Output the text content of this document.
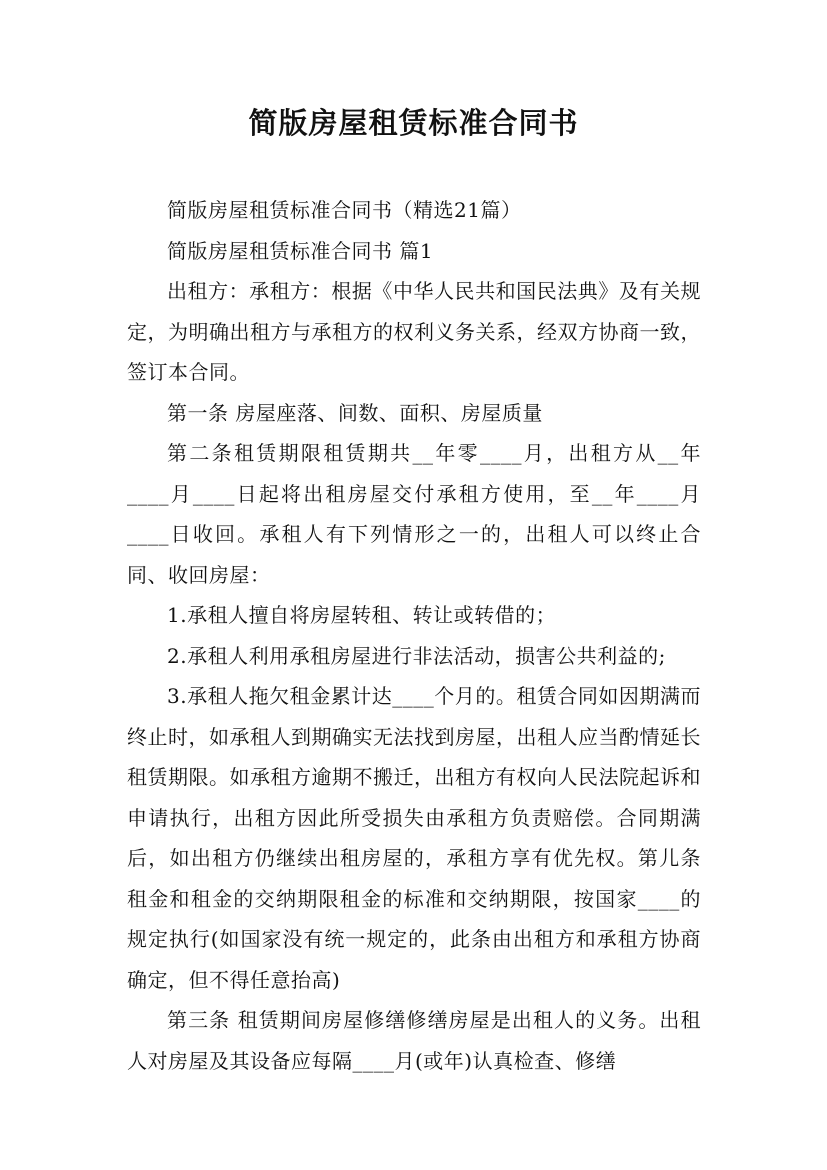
简版房屋租赁标准合同书

简版房屋租赁标准合同书（精选21篇）

简版房屋租赁标准合同书 篇1

出租方：承租方：根据《中华人民共和国民法典》及有关规定，为明确出租方与承租方的权利义务关系，经双方协商一致，签订本合同。

第一条 房屋座落、间数、面积、房屋质量

第二条租赁期限租赁期共__年零____月，出租方从__年____月____日起将出租房屋交付承租方使用，至__年____月____日收回。承租人有下列情形之一的，出租人可以终止合同、收回房屋：

1.承租人擅自将房屋转租、转让或转借的；

2.承租人利用承租房屋进行非法活动，损害公共利益的;

3.承租人拖欠租金累计达____个月的。租赁合同如因期满而终止时，如承租人到期确实无法找到房屋，出租人应当酌情延长租赁期限。如承租方逾期不搬迁，出租方有权向人民法院起诉和申请执行，出租方因此所受损失由承租方负责赔偿。合同期满后，如出租方仍继续出租房屋的，承租方享有优先权。第儿条 租金和租金的交纳期限租金的标准和交纳期限，按国家____的规定执行(如国家没有统一规定的，此条由出租方和承租方协商确定，但不得任意抬高)

第三条 租赁期间房屋修缮修缮房屋是出租人的义务。出租人对房屋及其设备应每隔____月(或年)认真检查、修缮
